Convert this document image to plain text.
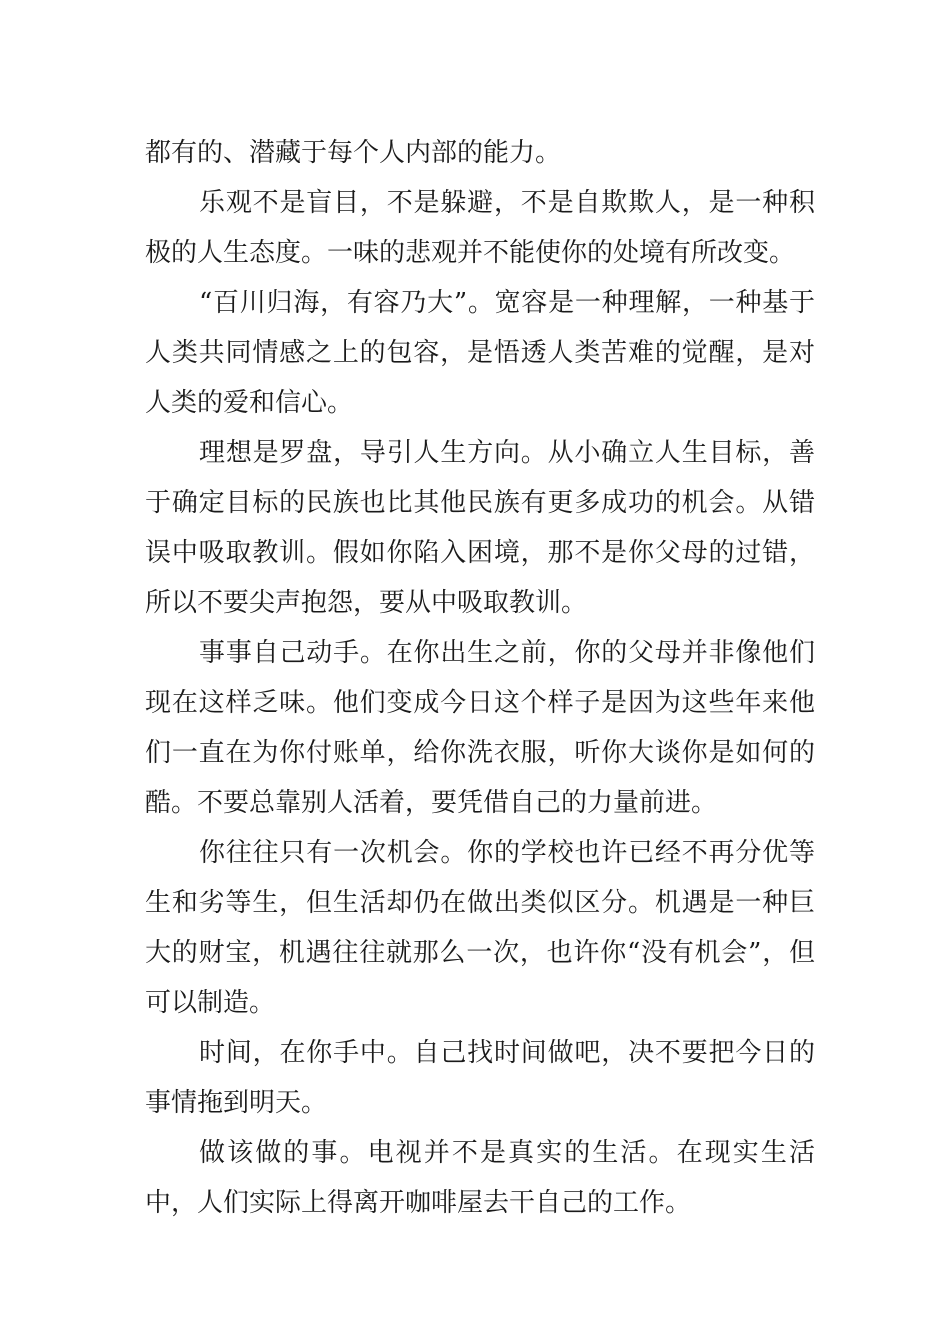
都有的、潜藏于每个人内部的能力。

乐观不是盲目，不是躲避，不是自欺欺人，是一种积极的人生态度。一味的悲观并不能使你的处境有所改变。

“百川归海，有容乃大”。宽容是一种理解，一种基于人类共同情感之上的包容，是悟透人类苦难的觉醒，是对人类的爱和信心。

理想是罗盘，导引人生方向。从小确立人生目标，善于确定目标的民族也比其他民族有更多成功的机会。从错误中吸取教训。假如你陷入困境，那不是你父母的过错，所以不要尖声抱怨，要从中吸取教训。

事事自己动手。在你出生之前，你的父母并非像他们现在这样乏味。他们变成今日这个样子是因为这些年来他们一直在为你付账单，给你洗衣服，听你大谈你是如何的酷。不要总靠别人活着，要凭借自己的力量前进。

你往往只有一次机会。你的学校也许已经不再分优等生和劣等生，但生活却仍在做出类似区分。机遇是一种巨大的财宝，机遇往往就那么一次，也许你“没有机会”，但可以制造。

时间，在你手中。自己找时间做吧，决不要把今日的事情拖到明天。

做该做的事。电视并不是真实的生活。在现实生活中，人们实际上得离开咖啡屋去干自己的工作。
